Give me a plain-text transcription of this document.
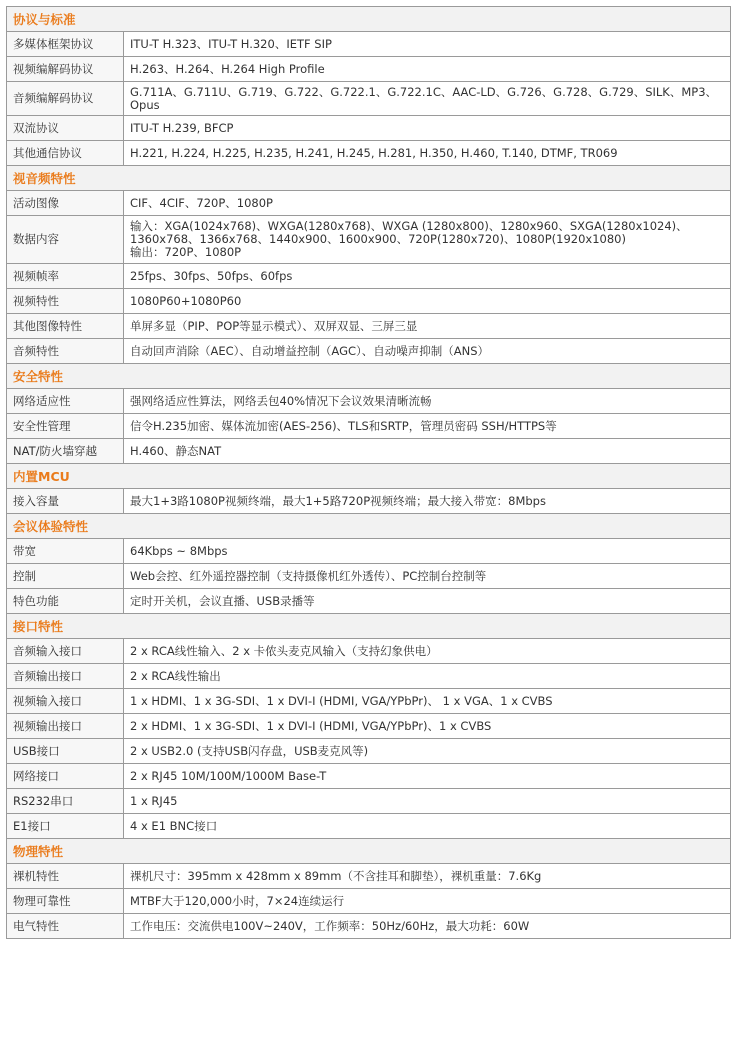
协议与标准	
多媒体框架协议	ITU-T H.323、ITU-T H.320、IETF SIP

视频编解码协议	H.263、H.264、H.264 High Profile

音频编解码协议	G.711A、G.711U、G.719、G.722、G.722.1、G.722.1C、AAC-LD、G.726、G.728、G.729、SILK、MP3、
Opus

双流协议	ITU-T H.239, BFCP

其他通信协议	H.221, H.224, H.225, H.235, H.241, H.245, H.281, H.350, H.460, T.140, DTMF, TR069

视音频特性	
活动图像	CIF、4CIF、720P、1080P

数据内容	输入：XGA(1024x768)、WXGA(1280x768)、WXGA (1280x800)、1280x960、SXGA(1280x1024)、
1360x768、1366x768、1440x900、1600x900、720P(1280x720)、1080P(1920x1080)
输出：720P、1080P

视频帧率	25fps、30fps、50fps、60fps

视频特性	1080P60+1080P60

其他图像特性	单屏多显（PIP、POP等显示模式）、双屏双显、三屏三显

音频特性	自动回声消除（AEC）、自动增益控制（AGC）、自动噪声抑制（ANS）

安全特性	
网络适应性	强网络适应性算法，网络丢包40%情况下会议效果清晰流畅

安全性管理	信令H.235加密、媒体流加密(AES-256)、TLS和SRTP，管理员密码 SSH/HTTPS等

NAT/防火墙穿越	H.460、静态NAT

内置MCU	
接入容量	最大1+3路1080P视频终端，最大1+5路720P视频终端；最大接入带宽：8Mbps

会议体验特性	
带宽	64Kbps ~ 8Mbps

控制	Web会控、红外遥控器控制（支持摄像机红外透传）、PC控制台控制等

特色功能	定时开关机，会议直播、USB录播等

接口特性	
音频输入接口	2 x RCA线性输入、2 x 卡侬头麦克风输入（支持幻象供电）

音频输出接口	2 x RCA线性输出

视频输入接口	1 x HDMI、1 x 3G-SDI、1 x DVI-I (HDMI, VGA/YPbPr)、 1 x VGA、1 x CVBS

视频输出接口	2 x HDMI、1 x 3G-SDI、1 x DVI-I (HDMI, VGA/YPbPr)、1 x CVBS

USB接口	2 x USB2.0 (支持USB闪存盘，USB麦克风等)

网络接口	2 x RJ45 10M/100M/1000M Base-T

RS232串口	1 x RJ45

E1接口	4 x E1 BNC接口

物理特性	
裸机特性	裸机尺寸：395mm x 428mm x 89mm（不含挂耳和脚垫），裸机重量：7.6Kg

物理可靠性	MTBF大于120,000小时，7×24连续运行

电气特性	工作电压：交流供电100V~240V，工作频率：50Hz/60Hz，最大功耗：60W
